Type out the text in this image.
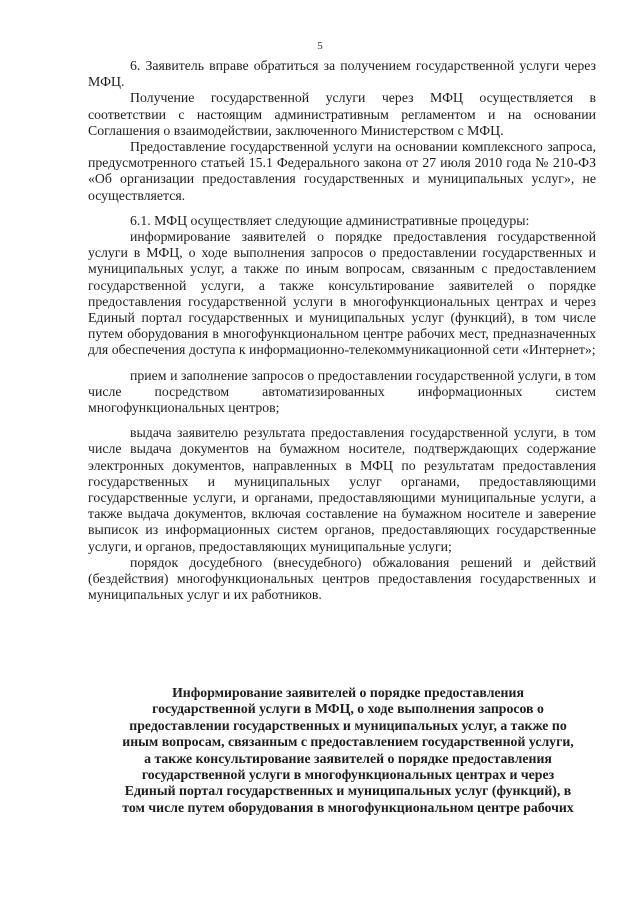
5

6. Заявитель вправе обратиться за получением государственной услуги через МФЦ.

Получение государственной услуги через МФЦ осуществляется в соответствии с настоящим административным регламентом и на основании Соглашения о взаимодействии, заключенного Министерством с МФЦ.

Предоставление государственной услуги на основании комплексного запроса, предусмотренного статьей 15.1 Федерального закона от 27 июля 2010 года № 210-ФЗ «Об организации предоставления государственных и муниципальных услуг», не осуществляется.

6.1. МФЦ осуществляет следующие административные процедуры:

информирование заявителей о порядке предоставления государственной услуги в МФЦ, о ходе выполнения запросов о предоставлении государственных и муниципальных услуг, а также по иным вопросам, связанным с предоставлением государственной услуги, а также консультирование заявителей о порядке предоставления государственной услуги в многофункциональных центрах и через Единый портал государственных и муниципальных услуг (функций), в том числе путем оборудования в многофункциональном центре рабочих мест, предназначенных для обеспечения доступа к информационно-телекоммуникационной сети «Интернет»;

прием и заполнение запросов о предоставлении государственной услуги, в том числе посредством автоматизированных информационных систем многофункциональных центров;

выдача заявителю результата предоставления государственной услуги, в том числе выдача документов на бумажном носителе, подтверждающих содержание электронных документов, направленных в МФЦ по результатам предоставления государственных и муниципальных услуг органами, предоставляющими государственные услуги, и органами, предоставляющими муниципальные услуги, а также выдача документов, включая составление на бумажном носителе и заверение выписок из информационных систем органов, предоставляющих государственные услуги, и органов, предоставляющих муниципальные услуги;

порядок досудебного (внесудебного) обжалования решений и действий (бездействия) многофункциональных центров предоставления государственных и муниципальных услуг и их работников.

Информирование заявителей о порядке предоставления
государственной услуги в МФЦ, о ходе выполнения запросов о
предоставлении государственных и муниципальных услуг, а также по
иным вопросам, связанным с предоставлением государственной услуги,
а также консультирование заявителей о порядке предоставления
государственной услуги в многофункциональных центрах и через
Единый портал государственных и муниципальных услуг (функций), в
том числе путем оборудования в многофункциональном центре рабочих
